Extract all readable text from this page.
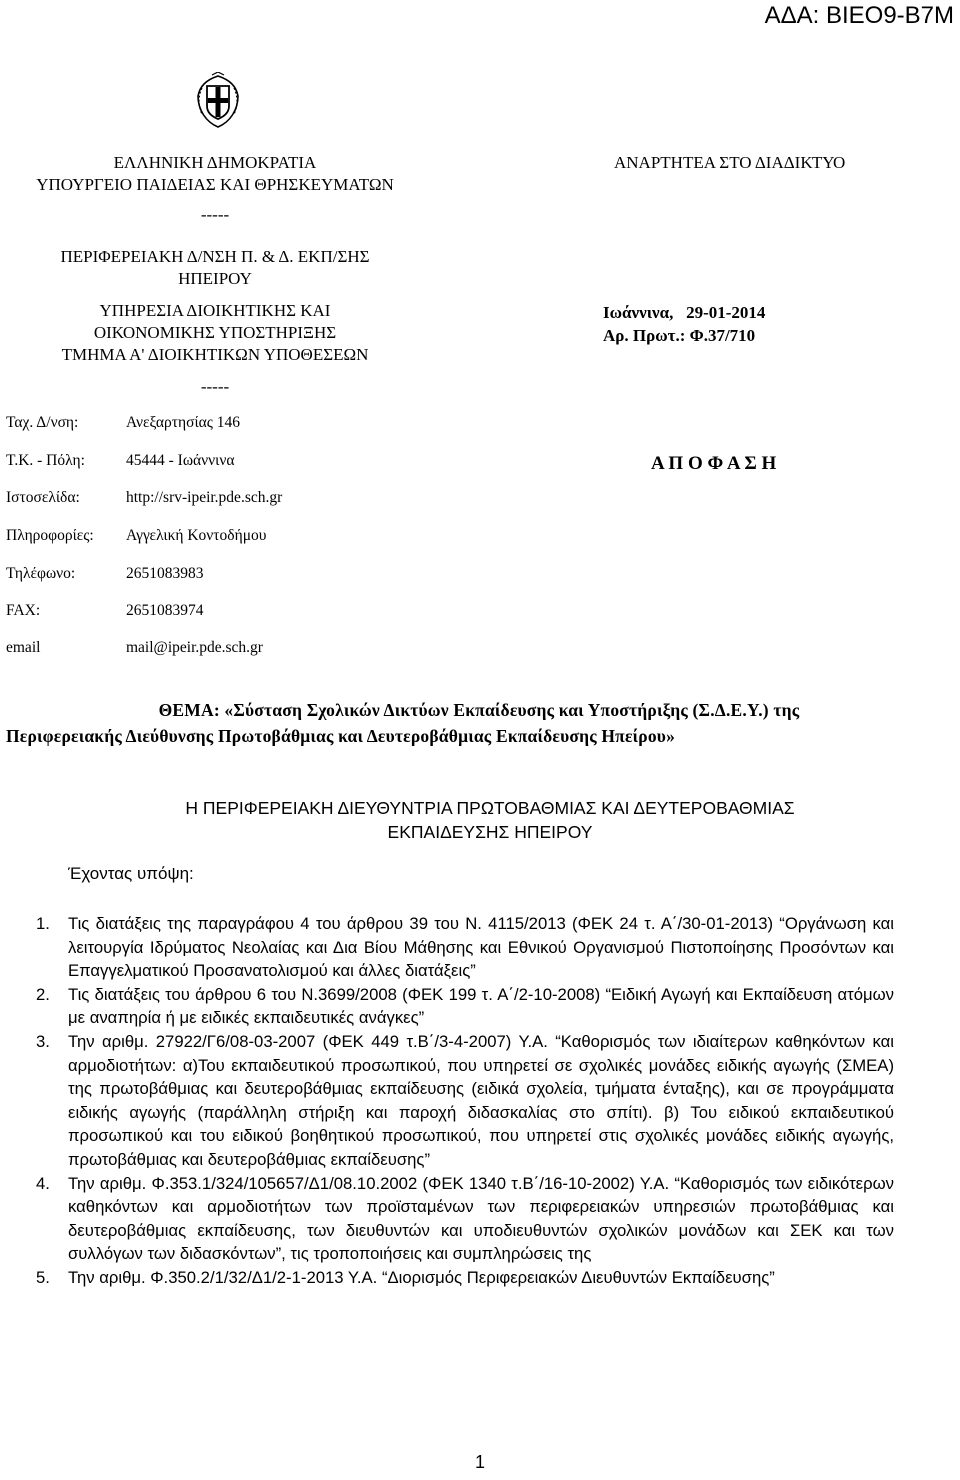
ΑΔΑ: ΒΙΕΟ9-Β7Μ
ΕΛΛΗΝΙΚΗ ΔΗΜΟΚΡΑΤΙΑ
ΥΠΟΥΡΓΕΙΟ ΠΑΙΔΕΙΑΣ ΚΑΙ ΘΡΗΣΚΕΥΜΑΤΩΝ
-----
ΠΕΡΙΦΕΡΕΙΑΚΗ Δ/ΝΣΗ Π. & Δ. ΕΚΠ/ΣΗΣ
ΗΠΕΙΡΟΥ
ΥΠΗΡΕΣΙΑ ΔΙΟΙΚΗΤΙΚΗΣ ΚΑΙ
ΟΙΚΟΝΟΜΙΚΗΣ ΥΠΟΣΤΗΡΙΞΗΣ
ΤΜΗΜΑ Α' ΔΙΟΙΚΗΤΙΚΩΝ ΥΠΟΘΕΣΕΩΝ
-----
Ταχ. Δ/νση:	Ανεξαρτησίας 146
Τ.Κ. - Πόλη:	45444 - Ιωάννινα
Ιστοσελίδα:	http://srv-ipeir.pde.sch.gr
Πληροφορίες: Αγγελική Κοντοδήμου
Τηλέφωνο:	2651083983
FAX:	2651083974
email	mail@ipeir.pde.sch.gr
ΑΝΑΡΤΗΤΕΑ ΣΤΟ ΔΙΑΔΙΚΤΥΟ
Ιωάννινα,   29-01-2014
Αρ. Πρωτ.: Φ.37/710
Α Π Ο Φ Α Σ Η
ΘΕΜΑ: «Σύσταση Σχολικών Δικτύων Εκπαίδευσης και Υποστήριξης (Σ.Δ.Ε.Υ.) της
Περιφερειακής Διεύθυνσης Πρωτοβάθμιας και Δευτεροβάθμιας Εκπαίδευσης Ηπείρου»
Η ΠΕΡΙΦΕΡΕΙΑΚΗ ΔΙΕΥΘΥΝΤΡΙΑ ΠΡΩΤΟΒΑΘΜΙΑΣ ΚΑΙ ΔΕΥΤΕΡΟΒΑΘΜΙΑΣ
ΕΚΠΑΙΔΕΥΣΗΣ ΗΠΕΙΡΟΥ
Έχοντας υπόψη:
1. Τις διατάξεις της παραγράφου 4 του άρθρου 39 του Ν. 4115/2013 (ΦΕΚ 24 τ. Α΄/30-01-2013) “Οργάνωση και λειτουργία Ιδρύματος Νεολαίας και Δια Βίου Μάθησης και Εθνικού Οργανισμού Πιστοποίησης Προσόντων και Επαγγελματικού Προσανατολισμού και άλλες διατάξεις”
2. Τις διατάξεις του άρθρου 6 του Ν.3699/2008 (ΦΕΚ 199 τ. Α΄/2-10-2008) “Ειδική Αγωγή και Εκπαίδευση ατόμων με αναπηρία ή με ειδικές εκπαιδευτικές ανάγκες”
3. Την αριθμ. 27922/Γ6/08-03-2007 (ΦΕΚ 449 τ.Β΄/3-4-2007) Υ.Α. “Καθορισμός των ιδιαίτερων καθηκόντων και αρμοδιοτήτων: α)Του εκπαιδευτικού προσωπικού, που υπηρετεί σε σχολικές μονάδες ειδικής αγωγής (ΣΜΕΑ) της πρωτοβάθμιας και δευτεροβάθμιας εκπαίδευσης (ειδικά σχολεία, τμήματα ένταξης), και σε προγράμματα ειδικής αγωγής (παράλληλη στήριξη και παροχή διδασκαλίας στο σπίτι). β) Του ειδικού εκπαιδευτικού προσωπικού και του ειδικού βοηθητικού προσωπικού, που υπηρετεί στις σχολικές μονάδες ειδικής αγωγής, πρωτοβάθμιας και δευτεροβάθμιας εκπαίδευσης”
4. Την αριθμ. Φ.353.1/324/105657/Δ1/08.10.2002 (ΦΕΚ 1340 τ.Β΄/16-10-2002) Υ.Α. “Καθορισμός των ειδικότερων καθηκόντων και αρμοδιοτήτων των προϊσταμένων των περιφερειακών υπηρεσιών πρωτοβάθμιας και δευτεροβάθμιας εκπαίδευσης, των διευθυντών και υποδιευθυντών σχολικών μονάδων και ΣΕΚ και των συλλόγων των διδασκόντων”, τις τροποποιήσεις και συμπληρώσεις της
5. Την αριθμ. Φ.350.2/1/32/Δ1/2-1-2013 Υ.Α. “Διορισμός Περιφερειακών Διευθυντών Εκπαίδευσης”
1
